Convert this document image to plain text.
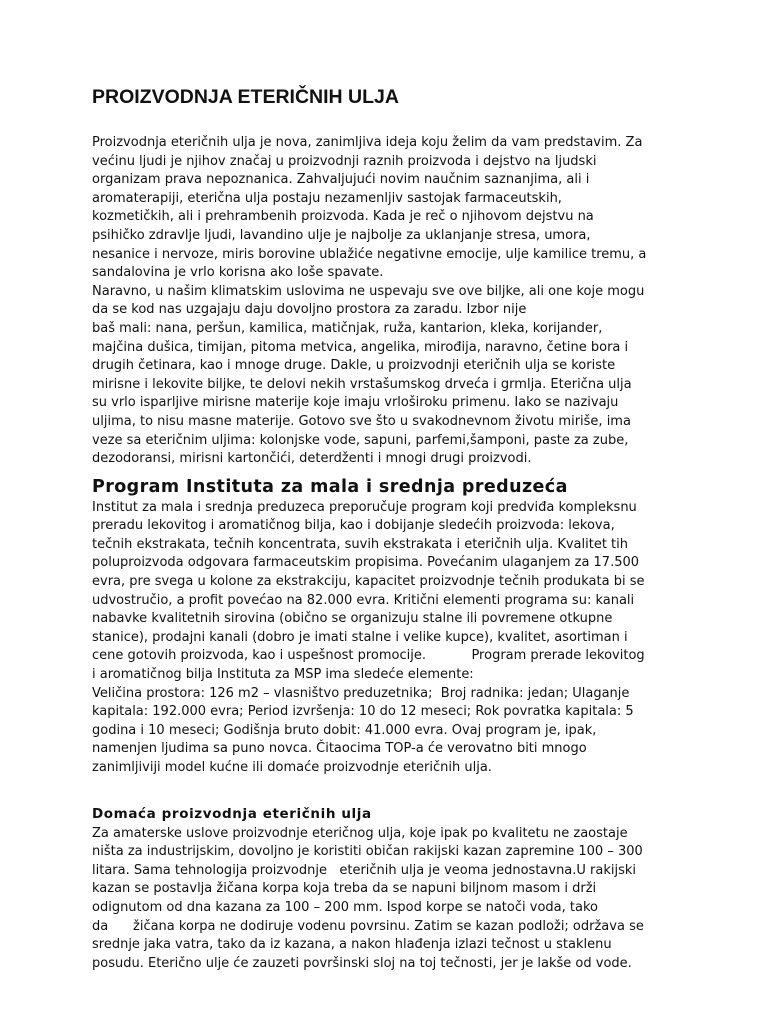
PROIZVODNJA ETERIČNIH ULJA
Proizvodnja eteričnih ulja je nova, zanimljiva ideja koju želim da vam predstavim. Za
većinu ljudi je njihov značaj u proizvodnji raznih proizvoda i dejstvo na ljudski
organizam prava nepoznanica. Zahvaljujući novim naučnim saznanjima, ali i
aromaterapiji, eterična ulja postaju nezamenljiv sastojak farmaceutskih,
kozmetičkih, ali i prehrambenih proizvoda. Kada je reč o njihovom dejstvu na
psihičko zdravlje ljudi, lavandino ulje je najbolje za uklanjanje stresa, umora,
nesanice i nervoze, miris borovine ublažiće negativne emocije, ulje kamilice tremu, a
sandalovina je vrlo korisna ako loše spavate.
Naravno, u našim klimatskim uslovima ne uspevaju sve ove biljke, ali one koje mogu
da se kod nas uzgajaju daju dovoljno prostora za zaradu. Izbor nije
baš mali: nana, peršun, kamilica, matičnjak, ruža, kantarion, kleka, korijander,
majčina dušica, timijan, pitoma metvica, angelika, mirođija, naravno, četine bora i
drugih četinara, kao i mnoge druge. Dakle, u proizvodnji eteričnih ulja se koriste
mirisne i lekovite biljke, te delovi nekih vrstašumskog drveća i grmlja. Eterična ulja
su vrlo isparljive mirisne materije koje imaju vrloširoku primenu. Iako se nazivaju
uljima, to nisu masne materije. Gotovo sve što u svakodnevnom životu miriše, ima
veze sa eteričnim uljima: kolonjske vode, sapuni, parfemi,šamponi, paste za zube,
dezodoransi, mirisni kartončići, deterdženti i mnogi drugi proizvodi.
Program Instituta za mala i srednja preduzeća
Institut za mala i srednja preduzeca preporučuje program koji predviđa kompleksnu
preradu lekovitog i aromatičnog bilja, kao i dobijanje sledećih proizvoda: lekova,
tečnih ekstrakata, tečnih koncentrata, suvih ekstrakata i eteričnih ulja. Kvalitet tih
poluproizvoda odgovara farmaceutskim propisima. Povećanim ulaganjem za 17.500
evra, pre svega u kolone za ekstrakciju, kapacitet proizvodnje tečnih produkata bi se
udvostručio, a profit povećao na 82.000 evra. Kritični elementi programa su: kanali
nabavke kvalitetnih sirovina (obično se organizuju stalne ili povremene otkupne
stanice), prodajni kanali (dobro je imati stalne i velike kupce), kvalitet, asortiman i
cene gotovih proizvoda, kao i uspešnost promocije.           Program prerade lekovitog
i aromatičnog bilja Instituta za MSP ima sledeće elemente:
Veličina prostora: 126 m2 – vlasništvo preduzetnika;  Broj radnika: jedan; Ulaganje
kapitala: 192.000 evra; Period izvršenja: 10 do 12 meseci; Rok povratka kapitala: 5
godina i 10 meseci; Godišnja bruto dobit: 41.000 evra. Ovaj program je, ipak,
namenjen ljudima sa puno novca. Čitaocima TOP-a će verovatno biti mnogo
zanimljiviji model kućne ili domaće proizvodnje eteričnih ulja.
Domaća proizvodnja eteričnih ulja
Za amaterske uslove proizvodnje eteričnog ulja, koje ipak po kvalitetu ne zaostaje
ništa za industrijskim, dovoljno je koristiti običan rakijski kazan zapremine 100 – 300
litara. Sama tehnologija proizvodnje   eteričnih ulja je veoma jednostavna.U rakijski
kazan se postavlja žičana korpa koja treba da se napuni biljnom masom i drži
odignutom od dna kazana za 100 – 200 mm. Ispod korpe se natoči voda, tako
da      žičana korpa ne dodiruje vodenu povrsinu. Zatim se kazan podloži; održava se
srednje jaka vatra, tako da iz kazana, a nakon hlađenja izlazi tečnost u staklenu
posudu. Eterično ulje će zauzeti površinski sloj na toj tečnosti, jer je lakše od vode.
